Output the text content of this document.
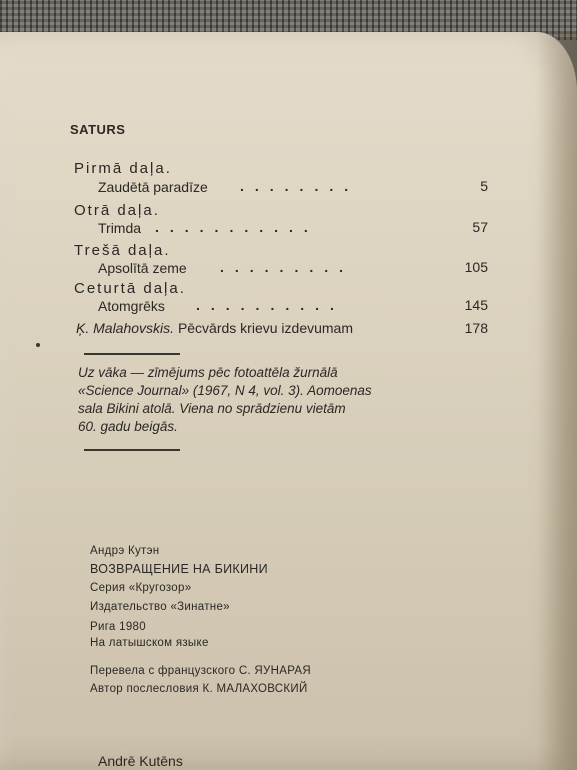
SATURS
Pirmā daļa.
Zaudētā paradīze ........	5
Otrā daļa.
Trimda ...........	57
Trešā daļa.
Apsolītā zeme .........	105
Ceturtā daļa.
Atomgrēks ..........	145
Ķ. Malahovskis. Pēcvārds krievu izdevumam	178
Uz vāka — zīmējums pēc fotoattēla žurnālā
«Science Journal» (1967, N 4, vol. 3). Aomoenas
sala Bikini atolā. Viena no sprādzienu vietām
60. gadu beigās.
Андрэ Кутэн
ВОЗВРАЩЕНИЕ НА БИКИНИ
Серия «Кругозор»
Издательство «Зинатне»
Рига 1980
На латышском языке
Перевела с французского С. ЯУНАРАЯ
Автор послесловия К. МАЛАХОВСКИЙ
Andrē Kutēns
